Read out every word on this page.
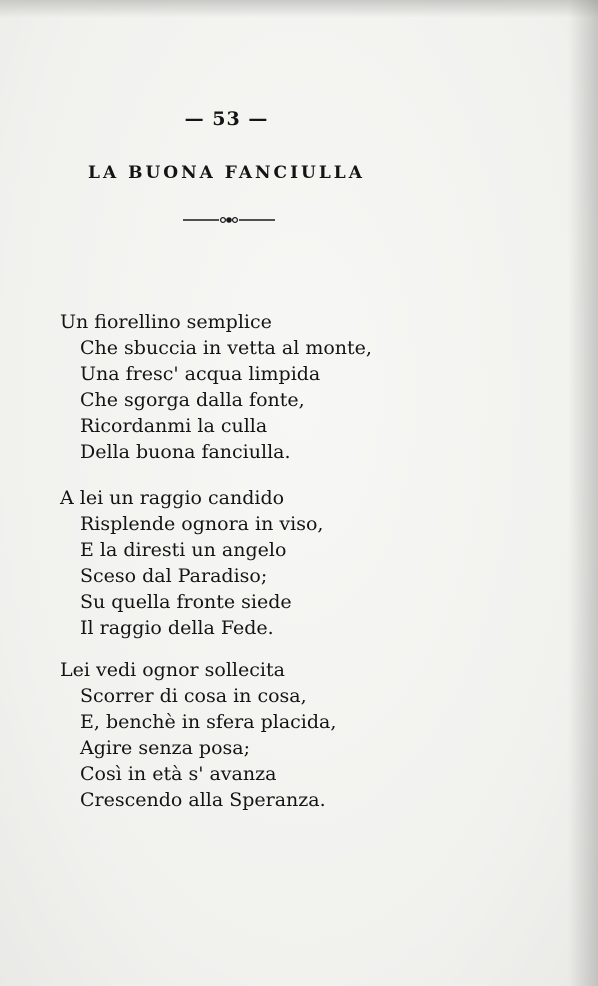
— 53 —
LA BUONA FANCIULLA
Un fiorellino semplice
Che sbuccia in vetta al monte,
Una fresc' acqua limpida
Che sgorga dalla fonte,
Ricordanmi la culla
Della buona fanciulla.
A lei un raggio candido
Risplende ognora in viso,
E la diresti un angelo
Sceso dal Paradiso;
Su quella fronte siede
Il raggio della Fede.
Lei vedi ognor sollecita
Scorrer di cosa in cosa,
E, benchè in sfera placida,
Agire senza posa;
Così in età s' avanza
Crescendo alla Speranza.
